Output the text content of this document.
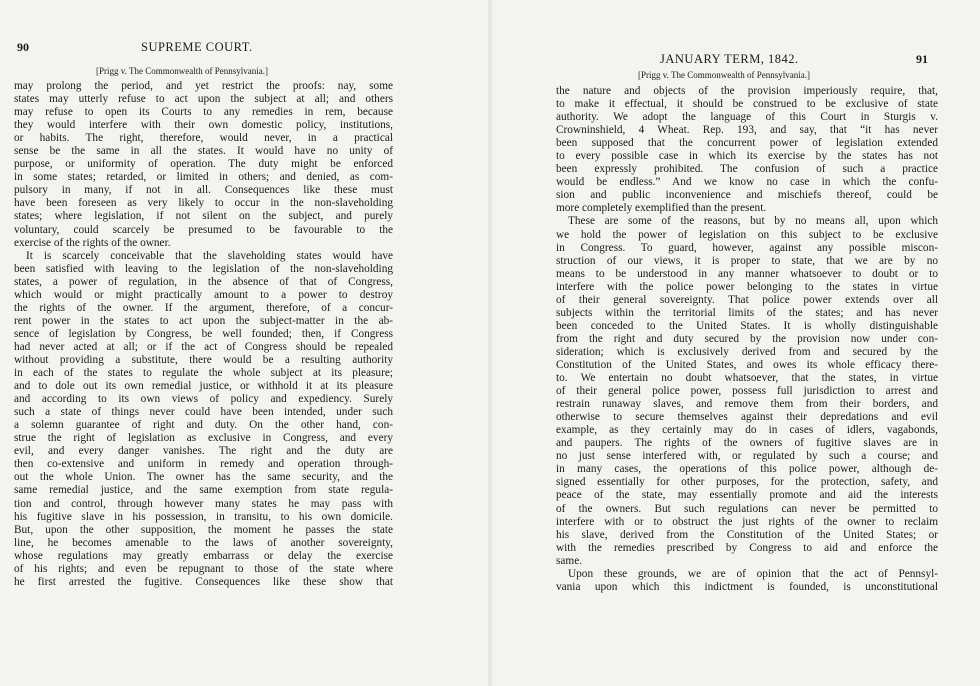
90	SUPREME COURT.
[Prigg v. The Commonwealth of Pennsylvania.]
may prolong the period, and yet restrict the proofs: nay, some
states may utterly refuse to act upon the subject at all; and others
may refuse to open its Courts to any remedies in rem, because
they would interfere with their own domestic policy, institutions,
or habits. The right, therefore, would never, in a practical
sense be the same in all the states. It would have no unity of
purpose, or uniformity of operation. The duty might be enforced
in some states; retarded, or limited in others; and denied, as com-
pulsory in many, if not in all. Consequences like these must
have been foreseen as very likely to occur in the non-slaveholding
states; where legislation, if not silent on the subject, and purely
voluntary, could scarcely be presumed to be favourable to the
exercise of the rights of the owner.
It is scarcely conceivable that the slaveholding states would have
been satisfied with leaving to the legislation of the non-slaveholding
states, a power of regulation, in the absence of that of Congress,
which would or might practically amount to a power to destroy
the rights of the owner. If the argument, therefore, of a concur-
rent power in the states to act upon the subject-matter in the ab-
sence of legislation by Congress, be well founded; then, if Congress
had never acted at all; or if the act of Congress should be repealed
without providing a substitute, there would be a resulting authority
in each of the states to regulate the whole subject at its pleasure;
and to dole out its own remedial justice, or withhold it at its pleasure
and according to its own views of policy and expediency. Surely
such a state of things never could have been intended, under such
a solemn guarantee of right and duty. On the other hand, con-
strue the right of legislation as exclusive in Congress, and every
evil, and every danger vanishes. The right and the duty are
then co-extensive and uniform in remedy and operation through-
out the whole Union. The owner has the same security, and the
same remedial justice, and the same exemption from state regula-
tion and control, through however many states he may pass with
his fugitive slave in his possession, in transitu, to his own domicile.
But, upon the other supposition, the moment he passes the state
line, he becomes amenable to the laws of another sovereignty,
whose regulations may greatly embarrass or delay the exercise
of his rights; and even be repugnant to those of the state where
he first arrested the fugitive. Consequences like these show that
JANUARY TERM, 1842.	91
[Prigg v. The Commonwealth of Pennsylvania.]
the nature and objects of the provision imperiously require, that,
to make it effectual, it should be construed to be exclusive of state
authority. We adopt the language of this Court in Sturgis v.
Crowninshield, 4 Wheat. Rep. 193, and say, that “it has never
been supposed that the concurrent power of legislation extended
to every possible case in which its exercise by the states has not
been expressly prohibited. The confusion of such a practice
would be endless.” And we know no case in which the confu-
sion and public inconvenience and mischiefs thereof, could be
more completely exemplified than the present.
These are some of the reasons, but by no means all, upon which
we hold the power of legislation on this subject to be exclusive
in Congress. To guard, however, against any possible miscon-
struction of our views, it is proper to state, that we are by no
means to be understood in any manner whatsoever to doubt or to
interfere with the police power belonging to the states in virtue
of their general sovereignty. That police power extends over all
subjects within the territorial limits of the states; and has never
been conceded to the United States. It is wholly distinguishable
from the right and duty secured by the provision now under con-
sideration; which is exclusively derived from and secured by the
Constitution of the United States, and owes its whole efficacy there-
to. We entertain no doubt whatsoever, that the states, in virtue
of their general police power, possess full jurisdiction to arrest and
restrain runaway slaves, and remove them from their borders, and
otherwise to secure themselves against their depredations and evil
example, as they certainly may do in cases of idlers, vagabonds,
and paupers. The rights of the owners of fugitive slaves are in
no just sense interfered with, or regulated by such a course; and
in many cases, the operations of this police power, although de-
signed essentially for other purposes, for the protection, safety, and
peace of the state, may essentially promote and aid the interests
of the owners. But such regulations can never be permitted to
interfere with or to obstruct the just rights of the owner to reclaim
his slave, derived from the Constitution of the United States; or
with the remedies prescribed by Congress to aid and enforce the
same.
Upon these grounds, we are of opinion that the act of Pennsyl-
vania upon which this indictment is founded, is unconstitutional
